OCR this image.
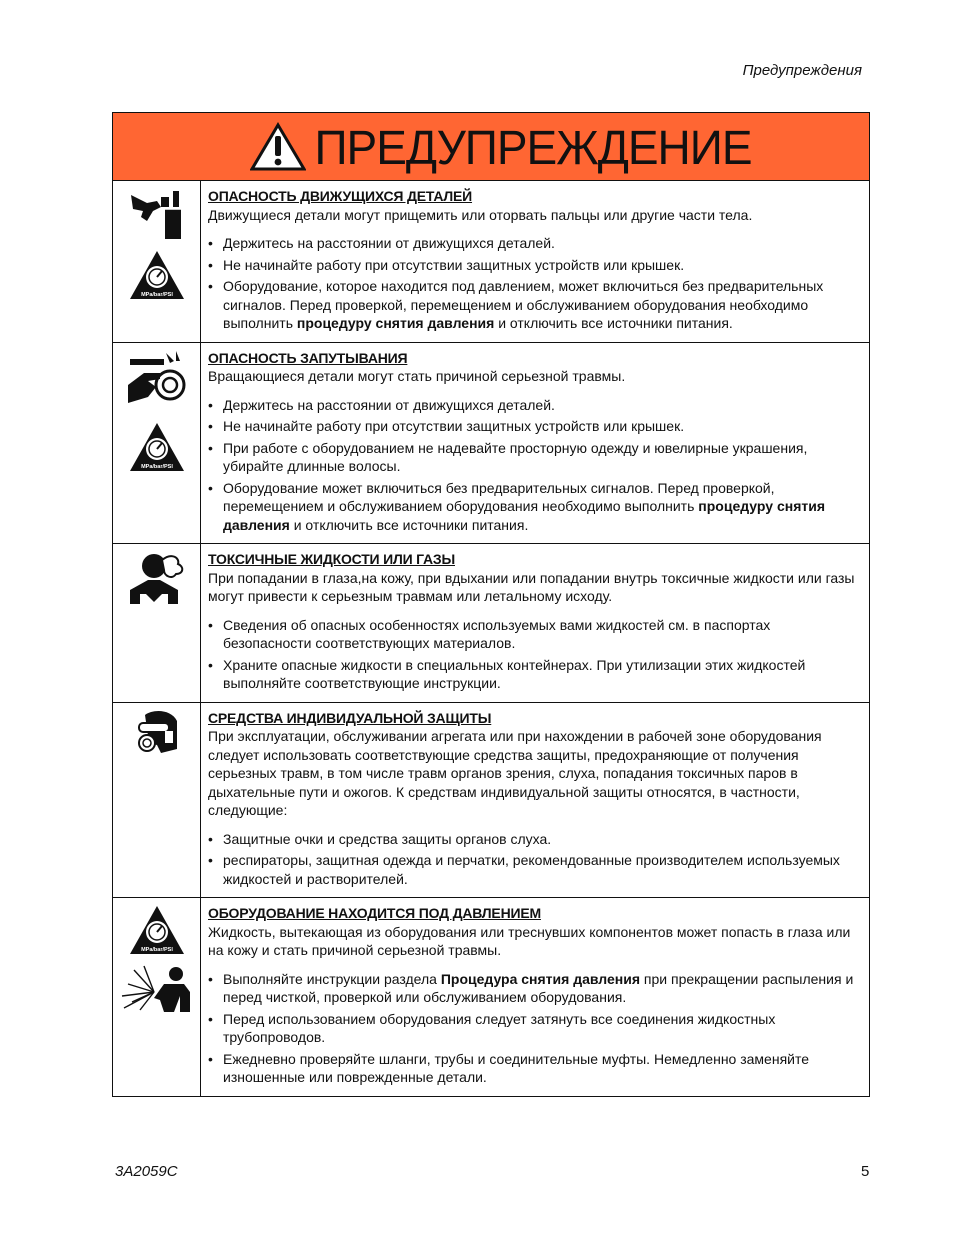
Предупреждения
ПРЕДУПРЕЖДЕНИЕ
MPa/bar/PSI
ОПАСНОСТЬ ДВИЖУЩИХСЯ ДЕТАЛЕЙ

Движущиеся детали могут прищемить или оторвать пальцы или другие части тела.

• Держитесь на расстоянии от движущихся деталей.
• Не начинайте работу при отсутствии защитных устройств или крышек.
• Оборудование, которое находится под давлением, может включиться без предварительных сигналов. Перед проверкой, перемещением и обслуживанием оборудования необходимо выполнить процедуру снятия давления и отключить все источники питания.
MPa/bar/PSI
ОПАСНОСТЬ ЗАПУТЫВАНИЯ

Вращающиеся детали могут стать причиной серьезной травмы.

• Держитесь на расстоянии от движущихся деталей.
• Не начинайте работу при отсутствии защитных устройств или крышек.
• При работе с оборудованием не надевайте просторную одежду и ювелирные украшения, убирайте длинные волосы.
• Оборудование может включиться без предварительных сигналов. Перед проверкой, перемещением и обслуживанием оборудования необходимо выполнить процедуру снятия давления и отключить все источники питания.
ТОКСИЧНЫЕ ЖИДКОСТИ ИЛИ ГАЗЫ

При попадании в глаза,на кожу, при вдыхании или попадании внутрь токсичные жидкости или газы могут привести к серьезным травмам или летальному исходу.

• Сведения об опасных особенностях используемых вами жидкостей см. в паспортах безопасности соответствующих материалов.
• Храните опасные жидкости в специальных контейнерах. При утилизации этих жидкостей выполняйте соответствующие инструкции.
СРЕДСТВА ИНДИВИДУАЛЬНОЙ ЗАЩИТЫ

При эксплуатации, обслуживании агрегата или при нахождении в рабочей зоне оборудования следует использовать соответствующие средства защиты, предохраняющие от получения серьезных травм, в том числе травм органов зрения, слуха, попадания токсичных паров в дыхательные пути и ожогов. К средствам индивидуальной защиты относятся, в частности, следующие:

• Защитные очки и средства защиты органов слуха.
• респираторы, защитная одежда и перчатки, рекомендованные производителем используемых жидкостей и растворителей.
MPa/bar/PSI
ОБОРУДОВАНИЕ НАХОДИТСЯ ПОД ДАВЛЕНИЕМ

Жидкость, вытекающая из оборудования или треснувших компонентов может попасть в глаза или на кожу и стать причиной серьезной травмы.

• Выполняйте инструкции раздела Процедура снятия давления при прекращении распыления и перед чисткой, проверкой или обслуживанием оборудования.
• Перед использованием оборудования следует затянуть все соединения жидкостных трубопроводов.
• Ежедневно проверяйте шланги, трубы и соединительные муфты. Немедленно заменяйте изношенные или поврежденные детали.
3A2059C	5
